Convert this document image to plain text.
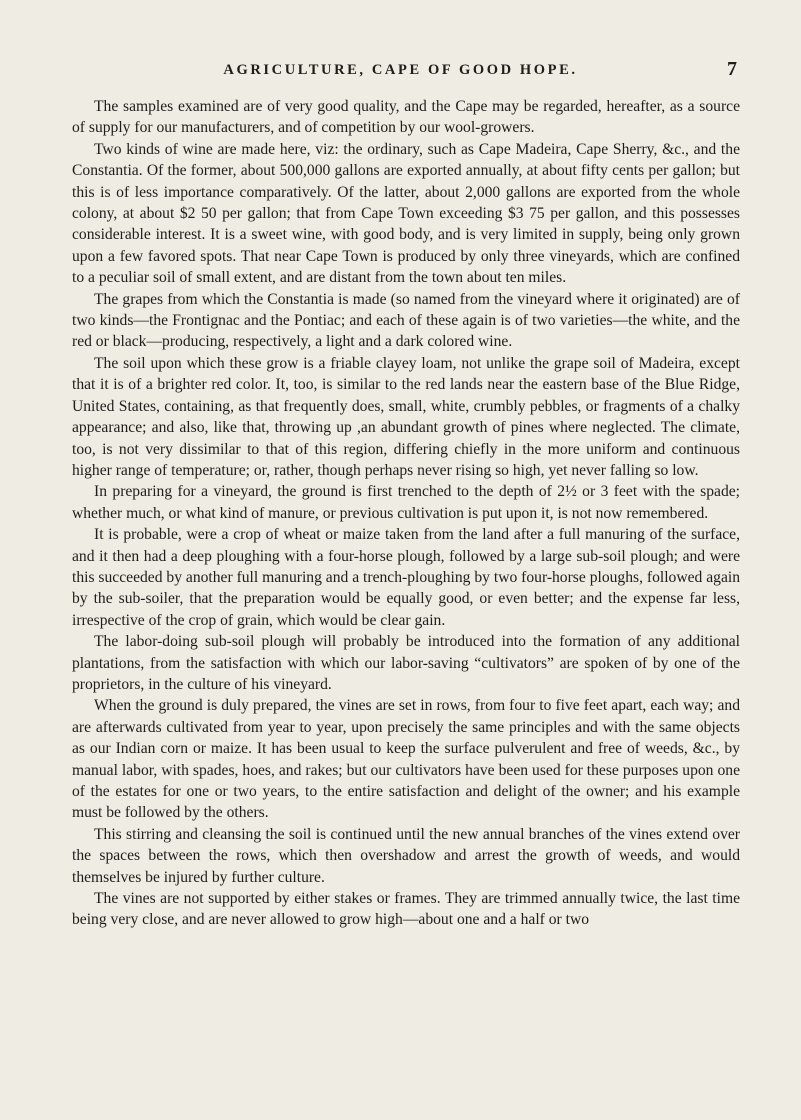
AGRICULTURE, CAPE OF GOOD HOPE.	7

The samples examined are of very good quality, and the Cape may be regarded, hereafter, as a source of supply for our manufacturers, and of competition by our wool-growers.

Two kinds of wine are made here, viz: the ordinary, such as Cape Madeira, Cape Sherry, &c., and the Constantia. Of the former, about 500,000 gallons are exported annually, at about fifty cents per gallon; but this is of less importance comparatively. Of the latter, about 2,000 gallons are exported from the whole colony, at about $2 50 per gallon; that from Cape Town exceeding $3 75 per gallon, and this possesses considerable interest. It is a sweet wine, with good body, and is very limited in supply, being only grown upon a few favored spots. That near Cape Town is produced by only three vineyards, which are confined to a peculiar soil of small extent, and are distant from the town about ten miles.

The grapes from which the Constantia is made (so named from the vineyard where it originated) are of two kinds—the Frontignac and the Pontiac; and each of these again is of two varieties—the white, and the red or black—producing, respectively, a light and a dark colored wine.

The soil upon which these grow is a friable clayey loam, not unlike the grape soil of Madeira, except that it is of a brighter red color. It, too, is similar to the red lands near the eastern base of the Blue Ridge, United States, containing, as that frequently does, small, white, crumbly pebbles, or fragments of a chalky appearance; and also, like that, throwing up ,an abundant growth of pines where neglected. The climate, too, is not very dissimilar to that of this region, differing chiefly in the more uniform and continuous higher range of temperature; or, rather, though perhaps never rising so high, yet never falling so low.

In preparing for a vineyard, the ground is first trenched to the depth of 2½ or 3 feet with the spade; whether much, or what kind of manure, or previous cultivation is put upon it, is not now remembered.

It is probable, were a crop of wheat or maize taken from the land after a full manuring of the surface, and it then had a deep ploughing with a four-horse plough, followed by a large sub-soil plough; and were this succeeded by another full manuring and a trench-ploughing by two four-horse ploughs, followed again by the sub-soiler, that the preparation would be equally good, or even better; and the expense far less, irrespective of the crop of grain, which would be clear gain.

The labor-doing sub-soil plough will probably be introduced into the formation of any additional plantations, from the satisfaction with which our labor-saving “cultivators” are spoken of by one of the proprietors, in the culture of his vineyard.

When the ground is duly prepared, the vines are set in rows, from four to five feet apart, each way; and are afterwards cultivated from year to year, upon precisely the same principles and with the same objects as our Indian corn or maize. It has been usual to keep the surface pulverulent and free of weeds, &c., by manual labor, with spades, hoes, and rakes; but our cultivators have been used for these purposes upon one of the estates for one or two years, to the entire satisfaction and delight of the owner; and his example must be followed by the others.

This stirring and cleansing the soil is continued until the new annual branches of the vines extend over the spaces between the rows, which then overshadow and arrest the growth of weeds, and would themselves be injured by further culture.

The vines are not supported by either stakes or frames. They are trimmed annually twice, the last time being very close, and are never allowed to grow high—about one and a half or two
